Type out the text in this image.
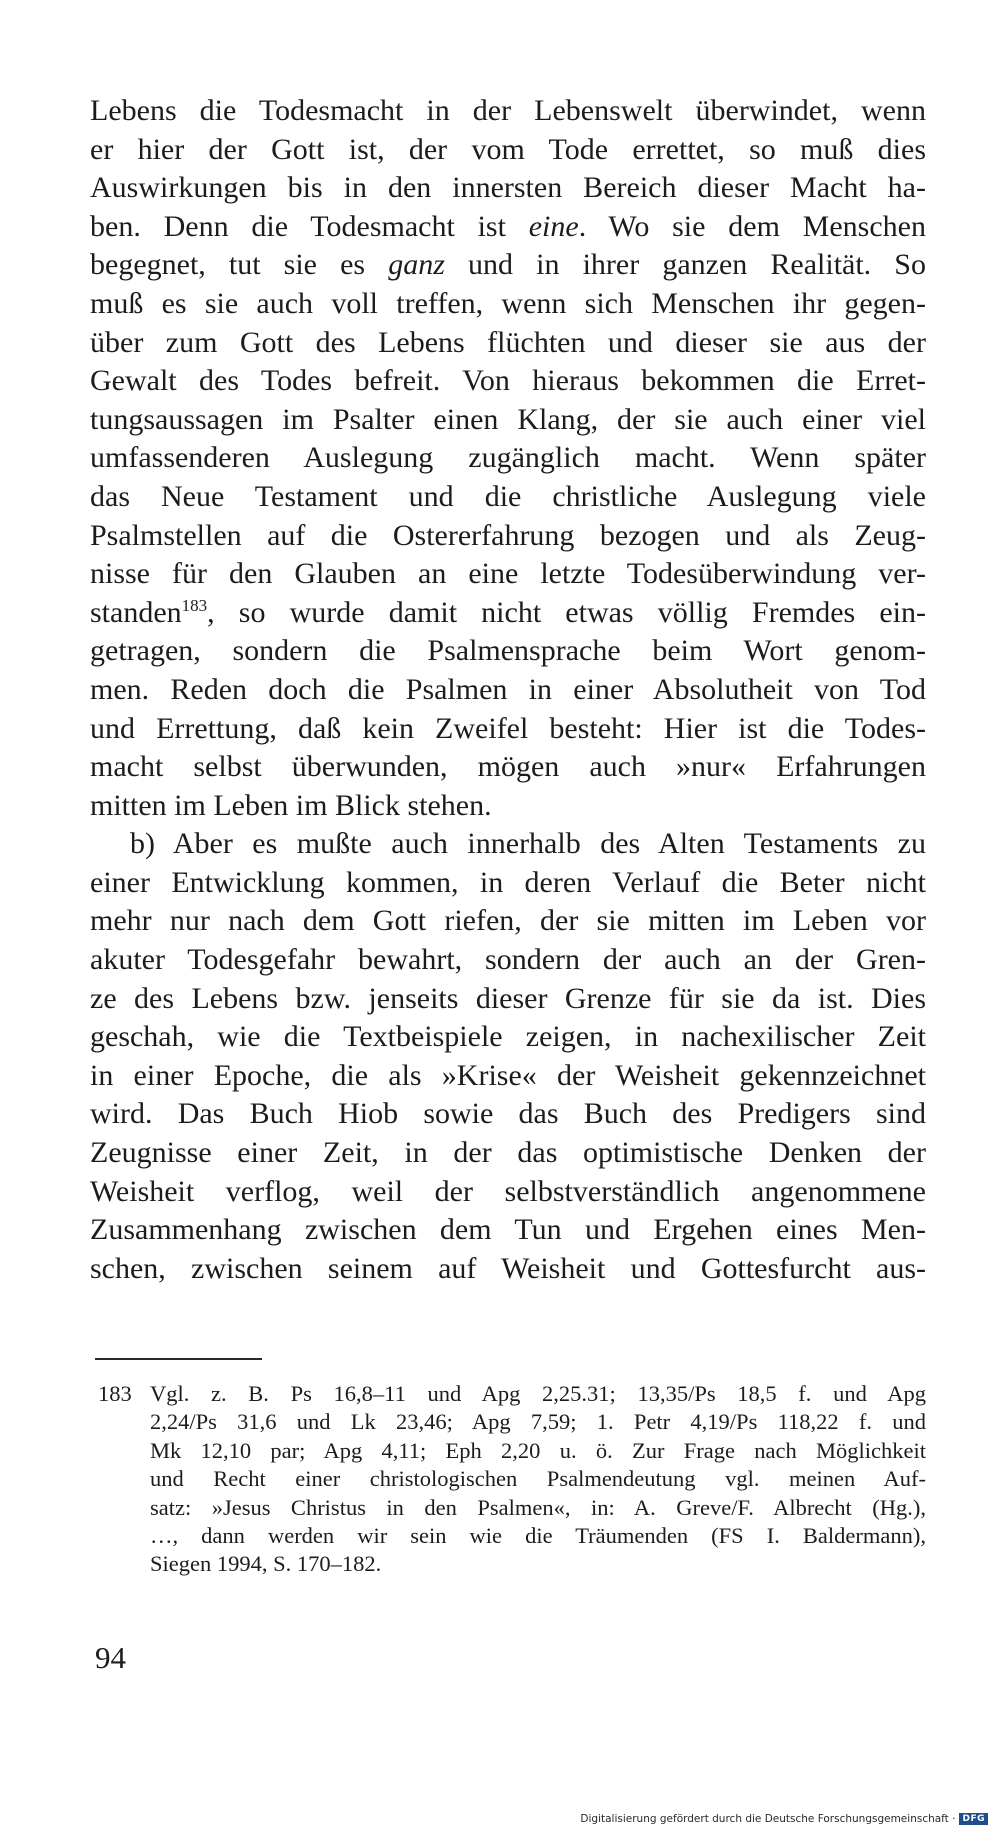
Lebens die Todesmacht in der Lebenswelt überwindet, wenn
er hier der Gott ist, der vom Tode errettet, so muß dies
Auswirkungen bis in den innersten Bereich dieser Macht ha-
ben. Denn die Todesmacht ist eine. Wo sie dem Menschen
begegnet, tut sie es ganz und in ihrer ganzen Realität. So
muß es sie auch voll treffen, wenn sich Menschen ihr gegen-
über zum Gott des Lebens flüchten und dieser sie aus der
Gewalt des Todes befreit. Von hieraus bekommen die Erret-
tungsaussagen im Psalter einen Klang, der sie auch einer viel
umfassenderen Auslegung zugänglich macht. Wenn später
das Neue Testament und die christliche Auslegung viele
Psalmstellen auf die Ostererfahrung bezogen und als Zeug-
nisse für den Glauben an eine letzte Todesüberwindung ver-
standen$^{183}$, so wurde damit nicht etwas völlig Fremdes ein-
getragen, sondern die Psalmensprache beim Wort genom-
men. Reden doch die Psalmen in einer Absolutheit von Tod
und Errettung, daß kein Zweifel besteht: Hier ist die Todes-
macht selbst überwunden, mögen auch »nur« Erfahrungen
mitten im Leben im Blick stehen.
b) Aber es mußte auch innerhalb des Alten Testaments zu
einer Entwicklung kommen, in deren Verlauf die Beter nicht
mehr nur nach dem Gott riefen, der sie mitten im Leben vor
akuter Todesgefahr bewahrt, sondern der auch an der Gren-
ze des Lebens bzw. jenseits dieser Grenze für sie da ist. Dies
geschah, wie die Textbeispiele zeigen, in nachexilischer Zeit
in einer Epoche, die als »Krise« der Weisheit gekennzeichnet
wird. Das Buch Hiob sowie das Buch des Predigers sind
Zeugnisse einer Zeit, in der das optimistische Denken der
Weisheit verflog, weil der selbstverständlich angenommene
Zusammenhang zwischen dem Tun und Ergehen eines Men-
schen, zwischen seinem auf Weisheit und Gottesfurcht aus-
183 Vgl. z. B. Ps 16,8–11 und Apg 2,25.31; 13,35/Ps 18,5 f. und Apg
2,24/Ps 31,6 und Lk 23,46; Apg 7,59; 1. Petr 4,19/Ps 118,22 f. und
Mk 12,10 par; Apg 4,11; Eph 2,20 u. ö. Zur Frage nach Möglichkeit
und Recht einer christologischen Psalmendeutung vgl. meinen Auf-
satz: »Jesus Christus in den Psalmen«, in: A. Greve/F. Albrecht (Hg.),
…, dann werden wir sein wie die Träumenden (FS I. Baldermann),
Siegen 1994, S. 170–182.
94
Digitalisierung gefördert durch die Deutsche Forschungsgemeinschaft · DFG
